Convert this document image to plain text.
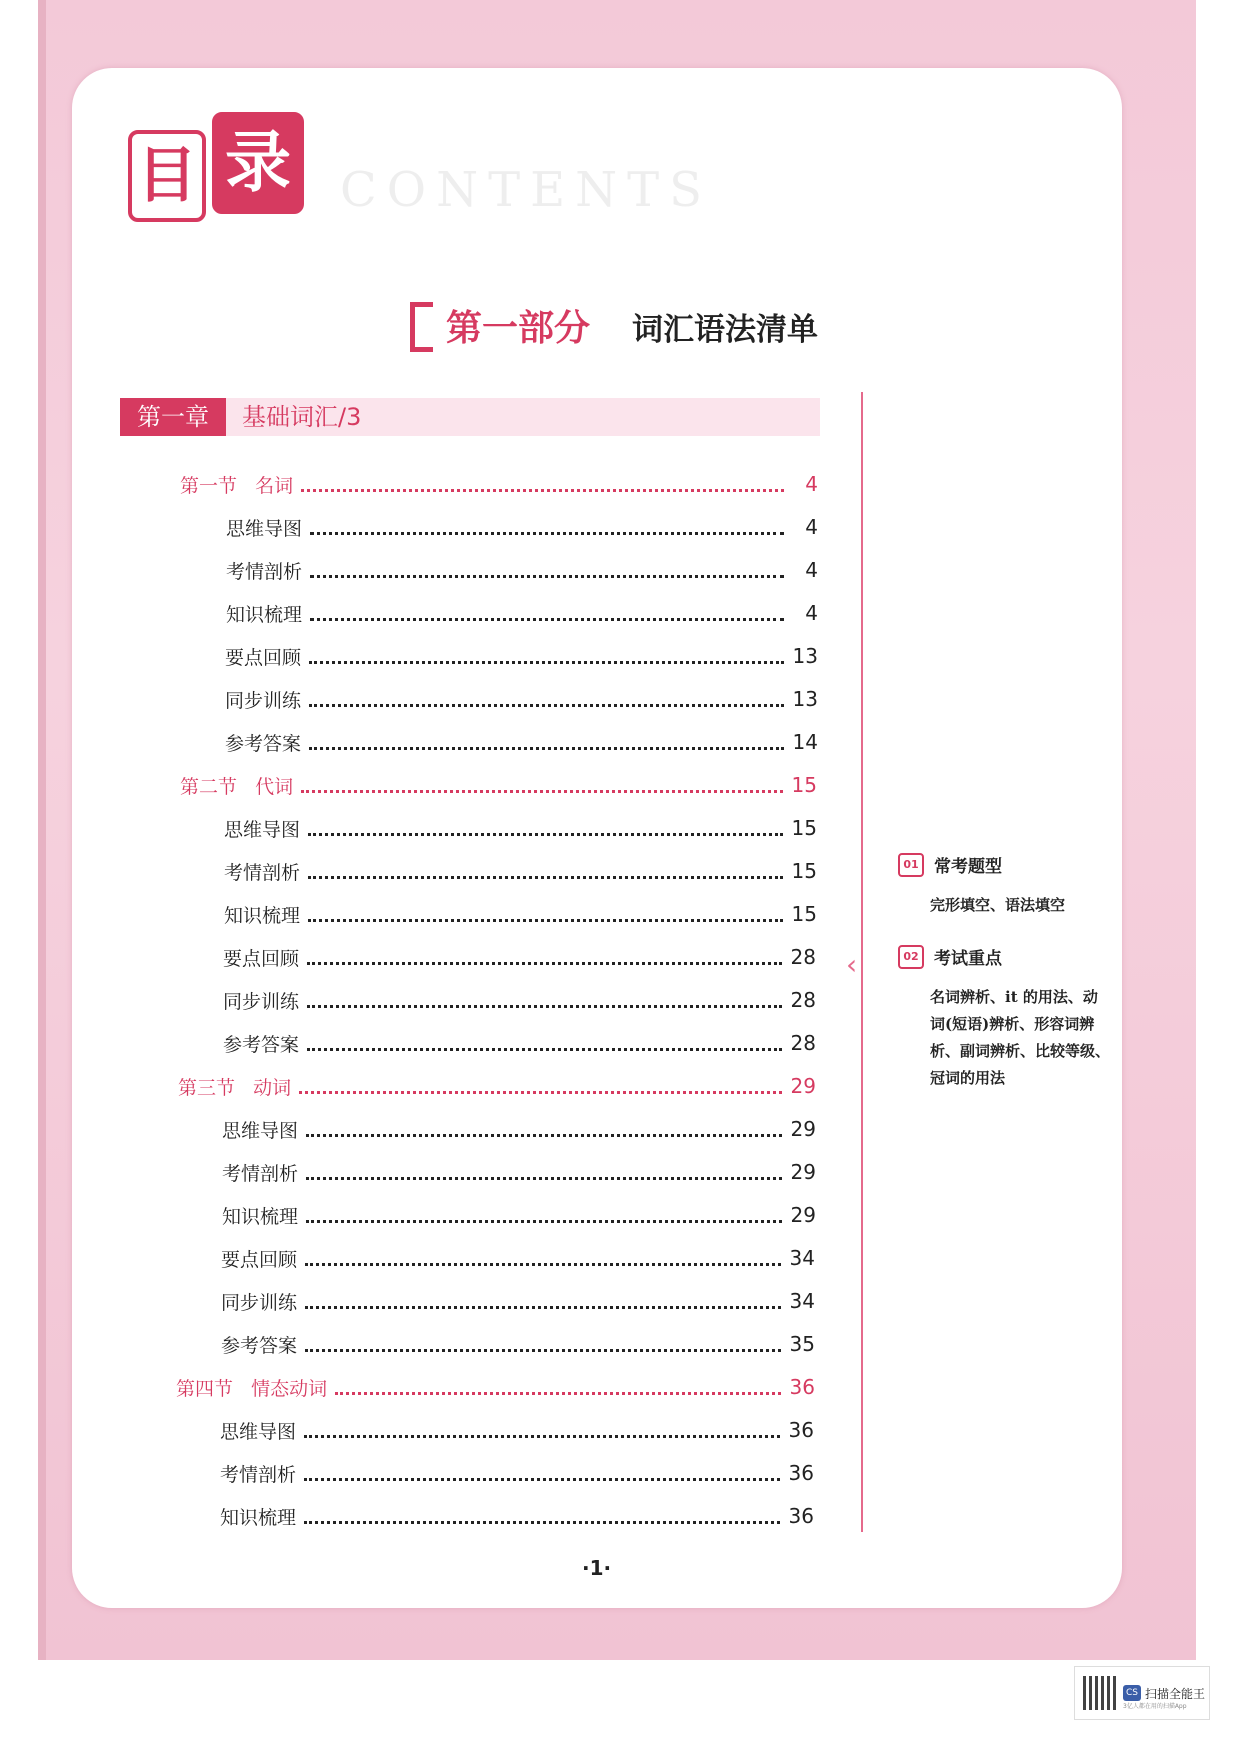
CONTENTS
目 录
第一部分 词汇语法清单
第一章	基础词汇/3
第一节   名词	4
思维导图	4
考情剖析	4
知识梳理	4
要点回顾	13
同步训练	13
参考答案	14
第二节   代词	15
思维导图	15
考情剖析	15
知识梳理	15
要点回顾	28
同步训练	28
参考答案	28
第三节   动词	29
思维导图	29
考情剖析	29
知识梳理	29
要点回顾	34
同步训练	34
参考答案	35
第四节   情态动词	36
思维导图	36
考情剖析	36
知识梳理	36
‹
01 常考题型
完形填空、语法填空
02 考试重点
名词辨析、it 的用法、动词(短语)辨析、形容词辨析、副词辨析、比较等级、冠词的用法
·1·
CS 扫描全能王
3亿人都在用的扫描App
